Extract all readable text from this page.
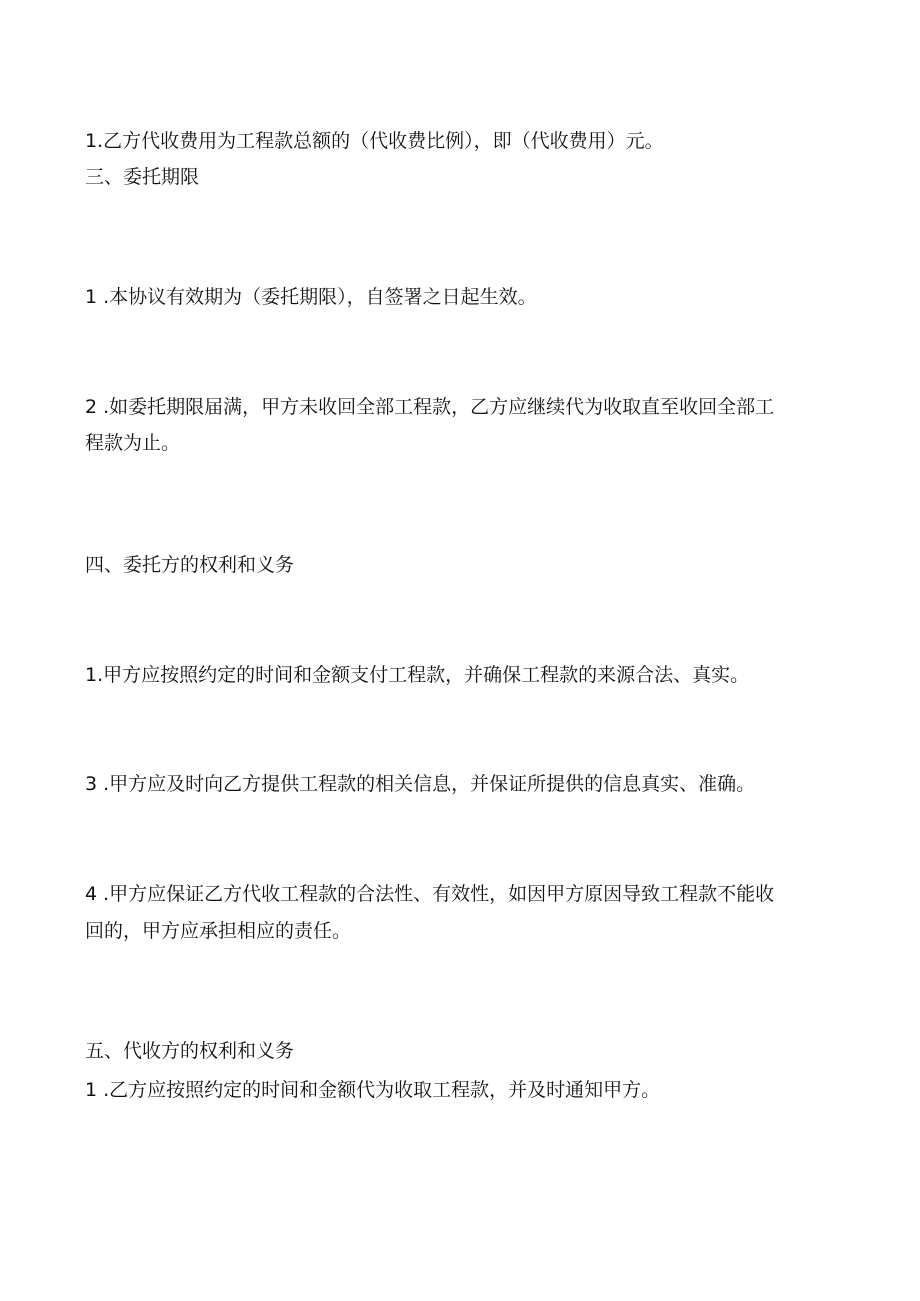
1.乙方代收费用为工程款总额的（代收费比例），即（代收费用）元。
三、委托期限
1 .本协议有效期为（委托期限），自签署之日起生效。
2 .如委托期限届满，甲方未收回全部工程款，乙方应继续代为收取直至收回全部工
程款为止。
四、委托方的权利和义务
1.甲方应按照约定的时间和金额支付工程款，并确保工程款的来源合法、真实。
3 .甲方应及时向乙方提供工程款的相关信息，并保证所提供的信息真实、准确。
4 .甲方应保证乙方代收工程款的合法性、有效性，如因甲方原因导致工程款不能收
回的，甲方应承担相应的责任。
五、代收方的权利和义务
1 .乙方应按照约定的时间和金额代为收取工程款，并及时通知甲方。
